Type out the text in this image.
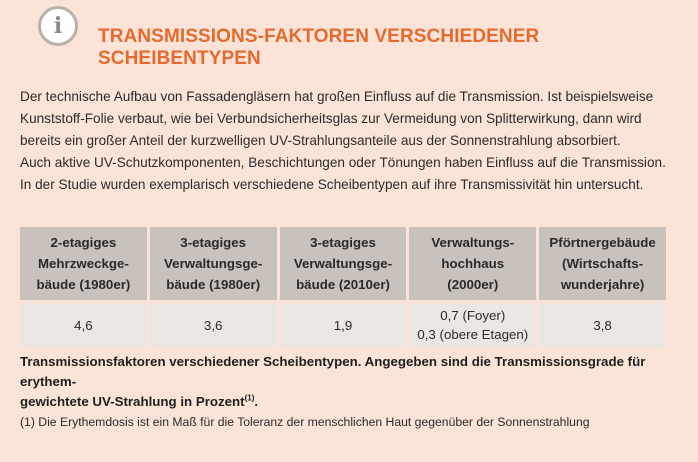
i TRANSMISSIONS-FAKTOREN VERSCHIEDENER
SCHEIBENTYPEN

Der technische Aufbau von Fassadengläsern hat großen Einfluss auf die Transmission. Ist beispielsweise

Kunststoff-Folie verbaut, wie bei Verbundsicherheitsglas zur Vermeidung von Splitterwirkung, dann wird

bereits ein großer Anteil der kurzwelligen UV-Strahlungsanteile aus der Sonnenstrahlung absorbiert.

Auch aktive UV-Schutzkomponenten, Beschichtungen oder Tönungen haben Einfluss auf die Transmission.

In der Studie wurden exemplarisch verschiedene Scheibentypen auf ihre Transmissivität hin untersucht.

2-etagiges
Mehrzweckge-
bäude (1980er)	3-etagiges
Verwaltungsge-
bäude (1980er)	3-etagiges
Verwaltungsge-
bäude (2010er)	Verwaltungs-
hochhaus
(2000er)	Pförtnergebäude
(Wirtschafts-
wunderjahre)

4,6	3,6	1,9	0,7 (Foyer)
0,3 (obere Etagen)	3,8

Transmissionsfaktoren verschiedener Scheibentypen. Angegeben sind die Transmissionsgrade für erythem-

gewichtete UV-Strahlung in Prozent$^{(1)}$.

(1) Die Erythemdosis ist ein Maß für die Toleranz der menschlichen Haut gegenüber der Sonnenstrahlung
